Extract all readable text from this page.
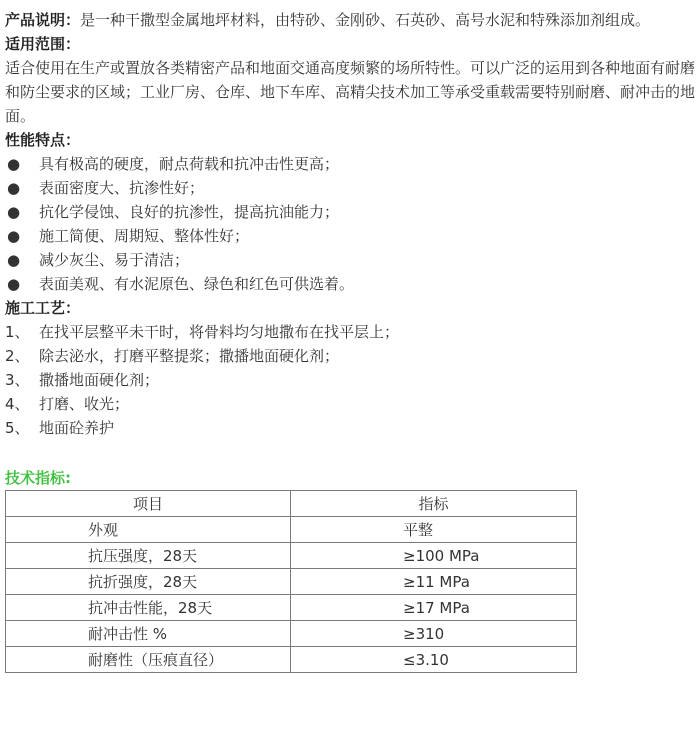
产品说明：是一种干撒型金属地坪材料，由特砂、金刚砂、石英砂、高号水泥和特殊添加剂组成。

适用范围：

适合使用在生产或置放各类精密产品和地面交通高度频繁的场所特性。可以广泛的运用到各种地面有耐磨和防尘要求的区域；工业厂房、仓库、地下车库、高精尖技术加工等承受重载需要特别耐磨、耐冲击的地面。

性能特点：

●	具有极高的硬度，耐点荷载和抗冲击性更高；
●	表面密度大、抗渗性好；
●	抗化学侵蚀、良好的抗渗性，提高抗油能力；
●	施工简便、周期短、整体性好；
●	减少灰尘、易于清洁；
●	表面美观、有水泥原色、绿色和红色可供选着。

施工工艺：

1、 在找平层整平未干时，将骨料均匀地撒布在找平层上；
2、 除去泌水，打磨平整提浆；撒播地面硬化剂；
3、 撒播地面硬化剂；
4、 打磨、收光；
5、 地面砼养护

技术指标:

项目	指标
外观	平整
抗压强度，28天	≥100 MPa
抗折强度，28天	≥11 MPa
抗冲击性能，28天	≥17 MPa
耐冲击性 %	≥310
耐磨性（压痕直径）	≤3.10
